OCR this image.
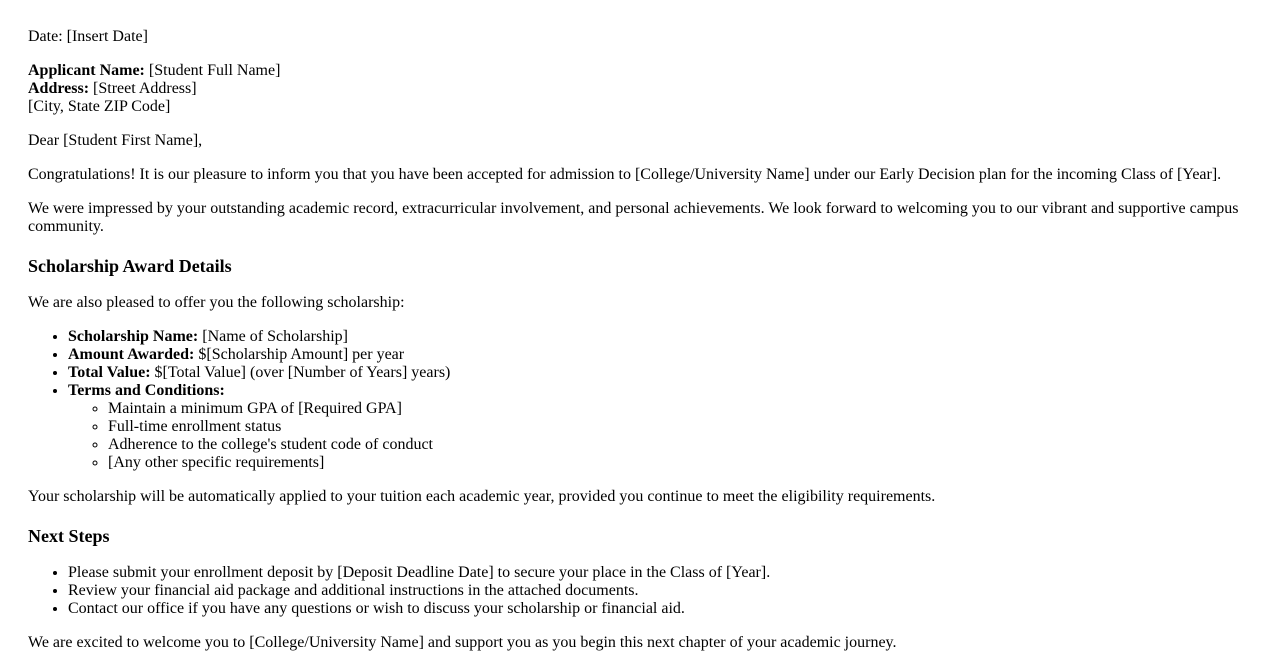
Date: [Insert Date]

Applicant Name: [Student Full Name]
Address: [Street Address]
[City, State ZIP Code]

Dear [Student First Name],

Congratulations! It is our pleasure to inform you that you have been accepted for admission to [College/University Name] under our Early Decision plan for the incoming Class of [Year].

We were impressed by your outstanding academic record, extracurricular involvement, and personal achievements. We look forward to welcoming you to our vibrant and supportive campus community.

Scholarship Award Details

We are also pleased to offer you the following scholarship:

• Scholarship Name: [Name of Scholarship]
• Amount Awarded: $[Scholarship Amount] per year
• Total Value: $[Total Value] (over [Number of Years] years)
• Terms and Conditions:
◦ Maintain a minimum GPA of [Required GPA]
◦ Full-time enrollment status
◦ Adherence to the college's student code of conduct
◦ [Any other specific requirements]

Your scholarship will be automatically applied to your tuition each academic year, provided you continue to meet the eligibility requirements.

Next Steps
• Please submit your enrollment deposit by [Deposit Deadline Date] to secure your place in the Class of [Year].
• Review your financial aid package and additional instructions in the attached documents.
• Contact our office if you have any questions or wish to discuss your scholarship or financial aid.

We are excited to welcome you to [College/University Name] and support you as you begin this next chapter of your academic journey.
